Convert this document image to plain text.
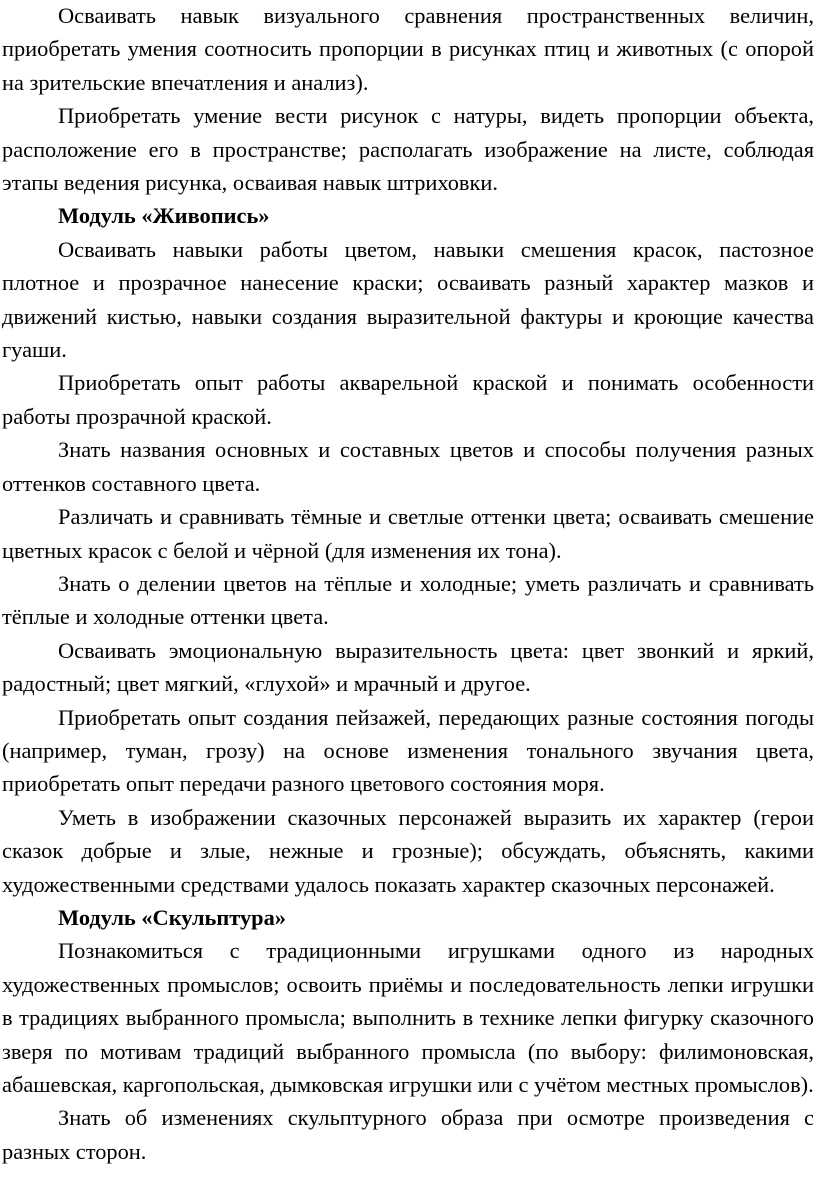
Осваивать навык визуального сравнения пространственных величин, приобретать умения соотносить пропорции в рисунках птиц и животных (с опорой на зрительские впечатления и анализ).

Приобретать умение вести рисунок с натуры, видеть пропорции объекта, расположение его в пространстве; располагать изображение на листе, соблюдая этапы ведения рисунка, осваивая навык штриховки.

Модуль «Живопись»

Осваивать навыки работы цветом, навыки смешения красок, пастозное плотное и прозрачное нанесение краски; осваивать разный характер мазков и движений кистью, навыки создания выразительной фактуры и кроющие качества гуаши.

Приобретать опыт работы акварельной краской и понимать особенности работы прозрачной краской.

Знать названия основных и составных цветов и способы получения разных оттенков составного цвета.

Различать и сравнивать тёмные и светлые оттенки цвета; осваивать смешение цветных красок с белой и чёрной (для изменения их тона).

Знать о делении цветов на тёплые и холодные; уметь различать и сравнивать тёплые и холодные оттенки цвета.

Осваивать эмоциональную выразительность цвета: цвет звонкий и яркий, радостный; цвет мягкий, «глухой» и мрачный и другое.

Приобретать опыт создания пейзажей, передающих разные состояния погоды (например, туман, грозу) на основе изменения тонального звучания цвета, приобретать опыт передачи разного цветового состояния моря.

Уметь в изображении сказочных персонажей выразить их характер (герои сказок добрые и злые, нежные и грозные); обсуждать, объяснять, какими художественными средствами удалось показать характер сказочных персонажей.

Модуль «Скульптура»

Познакомиться с традиционными игрушками одного из народных художественных промыслов; освоить приёмы и последовательность лепки игрушки в традициях выбранного промысла; выполнить в технике лепки фигурку сказочного зверя по мотивам традиций выбранного промысла (по выбору: филимоновская, абашевская, каргопольская, дымковская игрушки или с учётом местных промыслов).

Знать об изменениях скульптурного образа при осмотре произведения с разных сторон.
